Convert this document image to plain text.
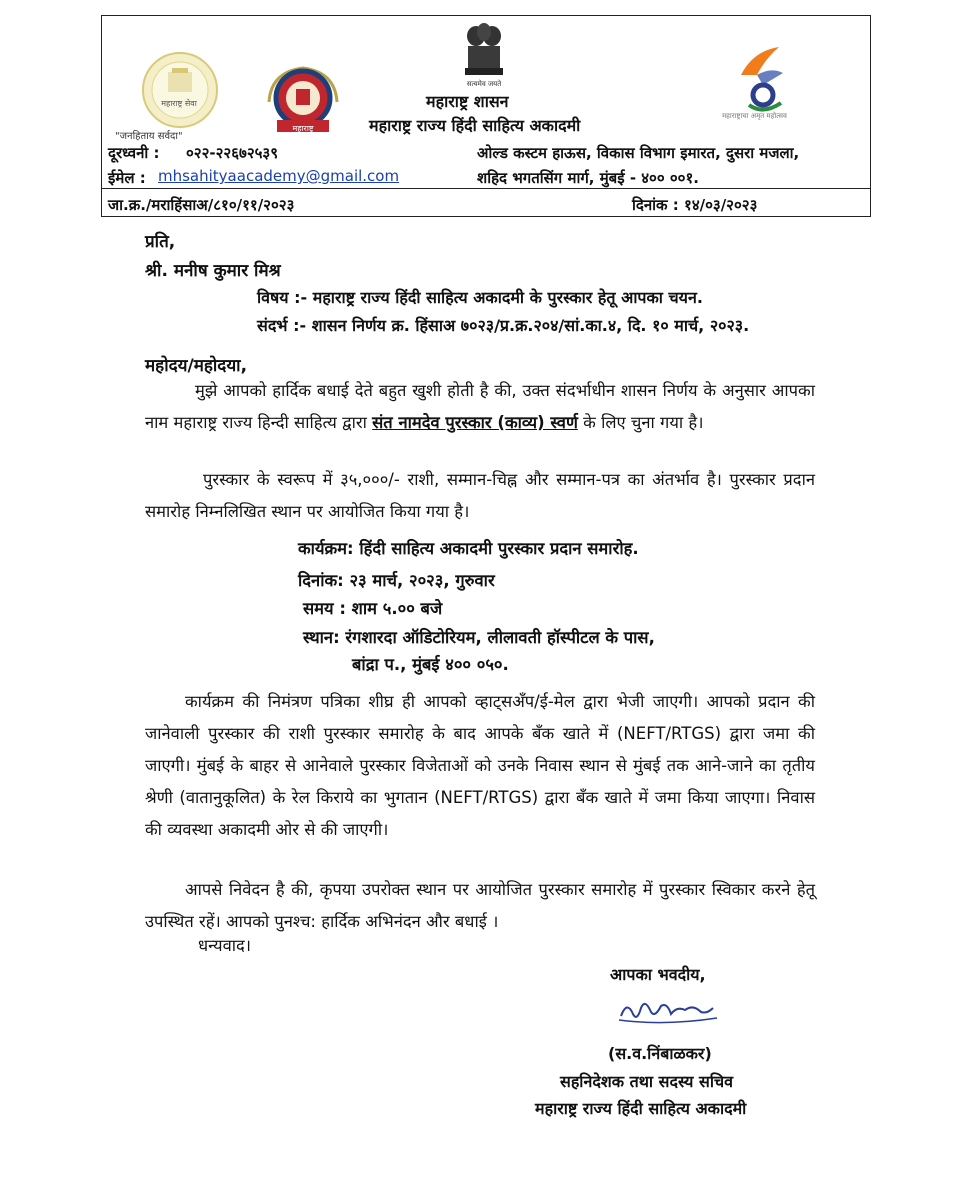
महाराष्ट्र सेवा
"जनहिताय सर्वदा"
महाराष्ट्र
सत्यमेव जयते
महाराष्ट्र शासन
महाराष्ट्र राज्य हिंदी साहित्य अकादमी	महाराष्ट्राचा अमृत महोत्सव
दूरध्वनी : ०२२-२२६७२५३९
ईमेल : mhsahityaacademy@gmail.com
ओल्ड कस्टम हाऊस, विकास विभाग इमारत, दुसरा मजला,
शहिद भगतसिंग मार्ग, मुंबई - ४०० ००१.
जा.क्र./मराहिंसाअ/८१०/११/२०२३	दिनांक : १४/०३/२०२३
प्रति,
श्री. मनीष कुमार मिश्र
विषय :- महाराष्ट्र राज्य हिंदी साहित्य अकादमी के पुरस्कार हेतू आपका चयन.
संदर्भ :- शासन निर्णय क्र. हिंसाअ ७०२३/प्र.क्र.२०४/सां.का.४, दि. १० मार्च, २०२३.
महोदय/महोदया,
मुझे आपको हार्दिक बधाई देते बहुत खुशी होती है की, उक्त संदर्भाधीन शासन निर्णय के अनुसार आपका नाम महाराष्ट्र राज्य हिन्दी साहित्य द्वारा संत नामदेव पुरस्कार (काव्य) स्वर्ण के लिए चुना गया है।
पुरस्कार के स्वरूप में ३५,०००/- राशी, सम्मान-चिह्न और सम्मान-पत्र का अंतर्भाव है। पुरस्कार प्रदान समारोह निम्नलिखित स्थान पर आयोजित किया गया है।
कार्यक्रम: हिंदी साहित्य अकादमी पुरस्कार प्रदान समारोह.
दिनांक: २३ मार्च, २०२३, गुरुवार
समय : शाम ५.०० बजे
स्थान: रंगशारदा ऑडिटोरियम, लीलावती हॉस्पीटल के पास,
बांद्रा प., मुंबई ४०० ०५०.
कार्यक्रम की निमंत्रण पत्रिका शीघ्र ही आपको व्हाट्सअँप/ई-मेल द्वारा भेजी जाएगी। आपको प्रदान की जानेवाली पुरस्कार की राशी पुरस्कार समारोह के बाद आपके बँक खाते में (NEFT/RTGS) द्वारा जमा की जाएगी। मुंबई के बाहर से आनेवाले पुरस्कार विजेताओं को उनके निवास स्थान से मुंबई तक आने-जाने का तृतीय श्रेणी (वातानुकूलित) के रेल किराये का भुगतान (NEFT/RTGS) द्वारा बँक खाते में जमा किया जाएगा। निवास की व्यवस्था अकादमी ओर से की जाएगी।
आपसे निवेदन है की, कृपया उपरोक्त स्थान पर आयोजित पुरस्कार समारोह में पुरस्कार स्विकार करने हेतू उपस्थित रहें। आपको पुनश्च: हार्दिक अभिनंदन और बधाई ।
धन्यवाद।
आपका भवदीय,
(स.व.निंबाळकर)
सहनिदेशक तथा सदस्य सचिव
महाराष्ट्र राज्य हिंदी साहित्य अकादमी
